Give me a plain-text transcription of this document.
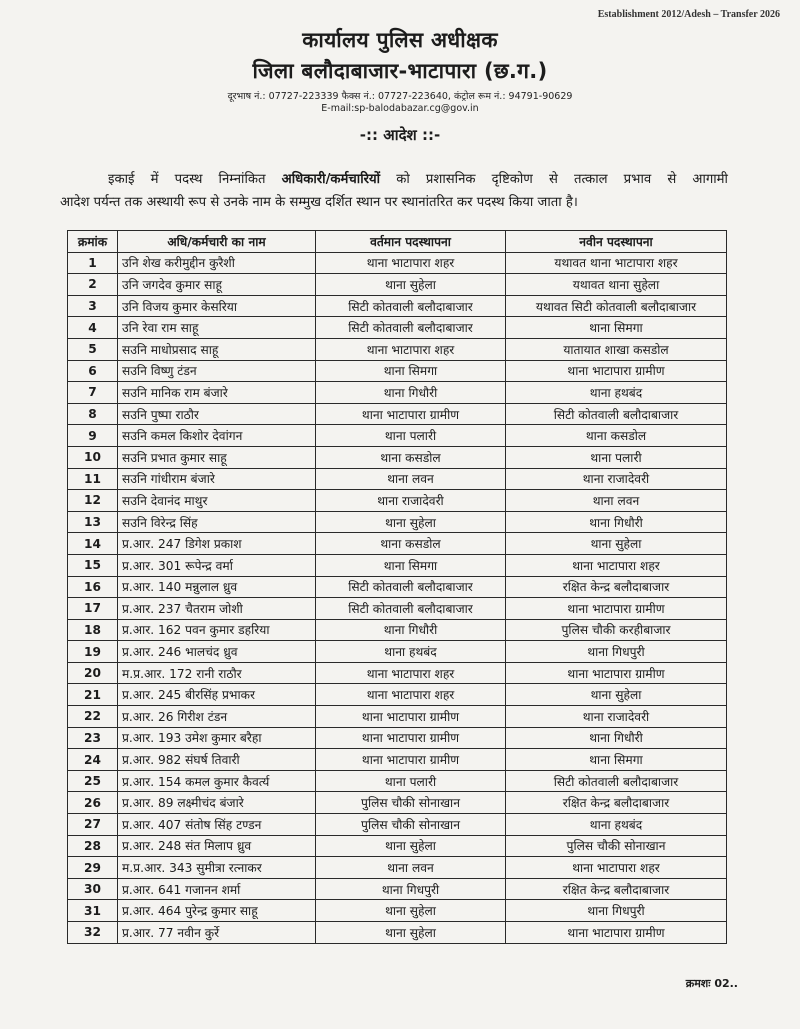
Establishment 2012/Adesh – Transfer 2026
कार्यालय पुलिस अधीक्षक
जिला बलौदाबाजार-भाटापारा (छ.ग.)
दूरभाष नं.: 07727-223339 फैक्स नं.: 07727-223640, कंट्रोल रूम नं.: 94791-90629
E-mail:sp-balodabazar.cg@gov.in
-:: आदेश ::-
इकाई में पदस्थ निम्नांकित अधिकारी/कर्मचारियों को प्रशासनिक दृष्टिकोण से तत्काल प्रभाव से आगामी
आदेश पर्यन्त तक अस्थायी रूप से उनके नाम के सम्मुख दर्शित स्थान पर स्थानांतरित कर पदस्थ किया जाता है।
क्रमांक	अधि/कर्मचारी का नाम	वर्तमान पदस्थापना	नवीन पदस्थापना
1	उनि शेख करीमुद्दीन कुरैशी	थाना भाटापारा शहर	यथावत थाना भाटापारा शहर
2	उनि जगदेव कुमार साहू	थाना सुहेला	यथावत थाना सुहेला
3	उनि विजय कुमार केसरिया	सिटी कोतवाली बलौदाबाजार	यथावत सिटी कोतवाली बलौदाबाजार
4	उनि रेवा राम साहू	सिटी कोतवाली बलौदाबाजार	थाना सिमगा
5	सउनि माधोप्रसाद साहू	थाना भाटापारा शहर	यातायात शाखा कसडोल
6	सउनि विष्णु टंडन	थाना सिमगा	थाना भाटापारा ग्रामीण
7	सउनि मानिक राम बंजारे	थाना गिधौरी	थाना हथबंद
8	सउनि पुष्पा राठौर	थाना भाटापारा ग्रामीण	सिटी कोतवाली बलौदाबाजार
9	सउनि कमल किशोर देवांगन	थाना पलारी	थाना कसडोल
10	सउनि प्रभात कुमार साहू	थाना कसडोल	थाना पलारी
11	सउनि गांधीराम बंजारे	थाना लवन	थाना राजादेवरी
12	सउनि देवानंद माथुर	थाना राजादेवरी	थाना लवन
13	सउनि विरेन्द्र सिंह	थाना सुहेला	थाना गिधौरी
14	प्र.आर. 247 डिगेश प्रकाश	थाना कसडोल	थाना सुहेला
15	प्र.आर. 301 रूपेन्द्र वर्मा	थाना सिमगा	थाना भाटापारा शहर
16	प्र.आर. 140 मन्नुलाल ध्रुव	सिटी कोतवाली बलौदाबाजार	रक्षित केन्द्र बलौदाबाजार
17	प्र.आर. 237 चैतराम जोशी	सिटी कोतवाली बलौदाबाजार	थाना भाटापारा ग्रामीण
18	प्र.आर. 162 पवन कुमार डहरिया	थाना गिधौरी	पुलिस चौकी करहीबाजार
19	प्र.आर. 246 भालचंद ध्रुव	थाना हथबंद	थाना गिधपुरी
20	म.प्र.आर. 172 रानी राठौर	थाना भाटापारा शहर	थाना भाटापारा ग्रामीण
21	प्र.आर. 245 बीरसिंह प्रभाकर	थाना भाटापारा शहर	थाना सुहेला
22	प्र.आर. 26 गिरीश टंडन	थाना भाटापारा ग्रामीण	थाना राजादेवरी
23	प्र.आर. 193 उमेश कुमार बरैहा	थाना भाटापारा ग्रामीण	थाना गिधौरी
24	प्र.आर. 982 संघर्ष तिवारी	थाना भाटापारा ग्रामीण	थाना सिमगा
25	प्र.आर. 154 कमल कुमार कैवर्त्य	थाना पलारी	सिटी कोतवाली बलौदाबाजार
26	प्र.आर. 89 लक्ष्मीचंद बंजारे	पुलिस चौकी सोनाखान	रक्षित केन्द्र बलौदाबाजार
27	प्र.आर. 407 संतोष सिंह टण्डन	पुलिस चौकी सोनाखान	थाना हथबंद
28	प्र.आर. 248 संत मिलाप ध्रुव	थाना सुहेला	पुलिस चौकी सोनाखान
29	म.प्र.आर. 343 सुमीत्रा रत्नाकर	थाना लवन	थाना भाटापारा शहर
30	प्र.आर. 641 गजानन शर्मा	थाना गिधपुरी	रक्षित केन्द्र बलौदाबाजार
31	प्र.आर. 464 पुरेन्द्र कुमार साहू	थाना सुहेला	थाना गिधपुरी
32	प्र.आर. 77 नवीन कुर्रे	थाना सुहेला	थाना भाटापारा ग्रामीण
क्रमशः 02..
